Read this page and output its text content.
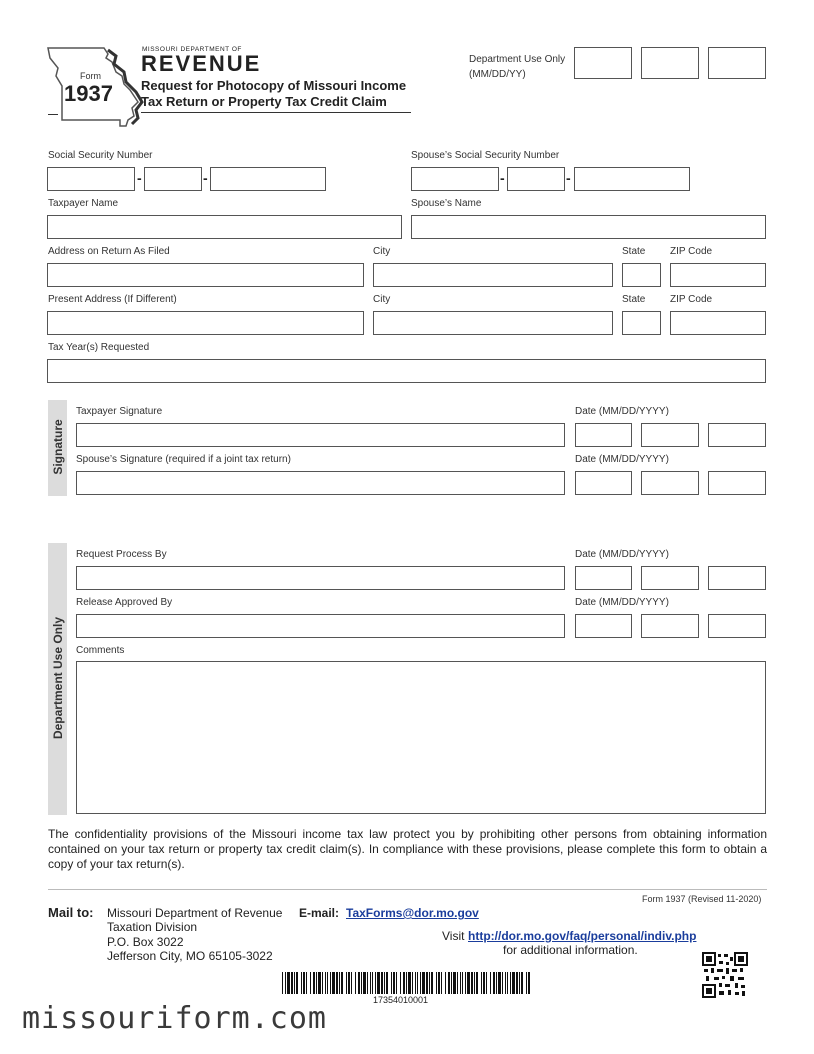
Form
1937
MISSOURI DEPARTMENT OF
REVENUE
Request for Photocopy of Missouri Income
Tax Return or Property Tax Credit Claim
Department Use Only
(MM/DD/YY)
Social Security Number
-	-
Spouse’s Social Security Number
-	-
Taxpayer Name	Spouse’s Name
Address on Return As Filed	City	State ZIP Code
Present Address (If Different)	City	State ZIP Code
Tax Year(s) Requested
Signature
Taxpayer Signature	Date (MM/DD/YYYY)
Spouse’s Signature (required if a joint tax return)	Date (MM/DD/YYYY)
Department Use Only
Request Process By	Date (MM/DD/YYYY)
Release Approved By	Date (MM/DD/YYYY)
Comments
The confidentiality provisions of the Missouri income tax law protect you by prohibiting other persons from obtaining information contained on your tax return or property tax credit claim(s). In compliance with these provisions, please complete this form to obtain a copy of your tax return(s).
Form 1937 (Revised 11-2020)
Mail to: Missouri Department of Revenue
Taxation Division
P.O. Box 3022
Jefferson City, MO 65105-3022
E-mail: TaxForms@dor.mo.gov
Visit http://dor.mo.gov/faq/personal/indiv.php
for additional information.
17354010001
missouriform.com
